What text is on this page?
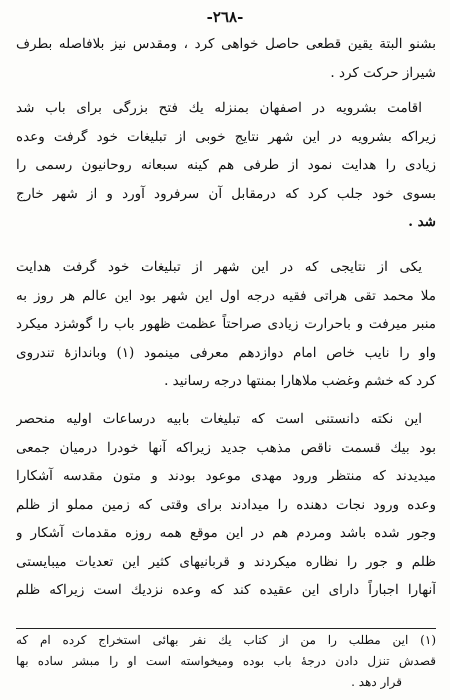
-٢٦٨-
بشنو البتة یقین قطعی حاصل خواهی کرد ، ومقدس نیز بلافاصله بطرف
شیراز حرکت کرد .
اقامت بشرویه در اصفهان بمنزله یك فتح بزرگی برای باب شد
زیراکه بشرویه در این شهر نتایج خوبی از تبلیغات خود گرفت وعده
زیادی را هدایت نمود از طرفی هم کینه سبعانه روحانیون رسمی را
بسوی خود جلب کرد که درمقابل آن سرفرود آورد و از شهر خارج
شد .
یکی از نتایجی که در این شهر از تبلیغات خود گرفت هدایت
ملا محمد تقی هراتی فقیه درجه اول این شهر بود این عالم هر روز به
منبر میرفت و باحرارت زیادی صراحتاً عظمت ظهور باب را گوشزد میکرد
واو را نایب خاص امام دوازدهم معرفی مینمود (١) وباندازهٔ تندروی
کرد که خشم وغضب ملاهارا بمنتها درجه رسانید .
این نکته دانستنی است که تبلیغات بابیه درساعات اولیه منحصر
بود بیك قسمت ناقص مذهب جدید زیراکه آنها خودرا درمیان جمعی
میدیدند که منتظر ورود مهدی موعود بودند و متون مقدسه آشکارا
وعده ورود نجات دهنده را میدادند برای وقتی که زمین مملو از ظلم
وجور شده باشد ومردم هم در این موقع همه روزه مقدمات آشکار و
ظلم و جور را نظاره میکردند و قربانیهای کثیر این تعدیات میبایستی
آنهارا اجباراً دارای این عقیده کند که وعده نزدیك است زیراکه ظلم
(١) این مطلب را من از کتاب یك نفر بهائی استخراج کرده ام که
قصدش تنزل دادن درجهٔ باب بوده ومیخواسته است او را مبشر ساده بها
قرار دهد .
